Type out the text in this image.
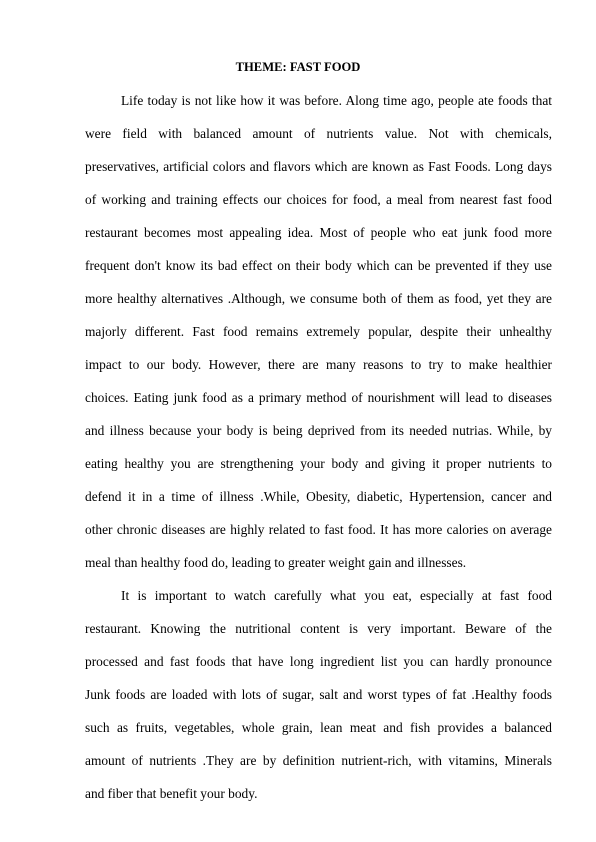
THEME: FAST FOOD
Life today is not like how it was before. Along time ago, people ate foods that
were field with balanced amount of nutrients value. Not with chemicals,
preservatives, artificial colors and flavors which are known as Fast Foods. Long days
of working and training effects our choices for food, a meal from nearest fast food
restaurant becomes most appealing idea. Most of people who eat junk food more
frequent don't know its bad effect on their body which can be prevented if they use
more healthy alternatives .Although, we consume both of them as food, yet they are
majorly different. Fast food remains extremely popular, despite their unhealthy
impact to our body. However, there are many reasons to try to make healthier
choices. Eating junk food as a primary method of nourishment will lead to diseases
and illness because your body is being deprived from its needed nutrias. While, by
eating healthy you are strengthening your body and giving it proper nutrients to
defend it in a time of illness .While, Obesity, diabetic, Hypertension, cancer and
other chronic diseases are highly related to fast food. It has more calories on average
meal than healthy food do, leading to greater weight gain and illnesses.
It is important to watch carefully what you eat, especially at fast food
restaurant. Knowing the nutritional content is very important. Beware of the
processed and fast foods that have long ingredient list you can hardly pronounce
Junk foods are loaded with lots of sugar, salt and worst types of fat .Healthy foods
such as fruits, vegetables, whole grain, lean meat and fish provides a balanced
amount of nutrients .They are by definition nutrient-rich, with vitamins, Minerals
and fiber that benefit your body.
